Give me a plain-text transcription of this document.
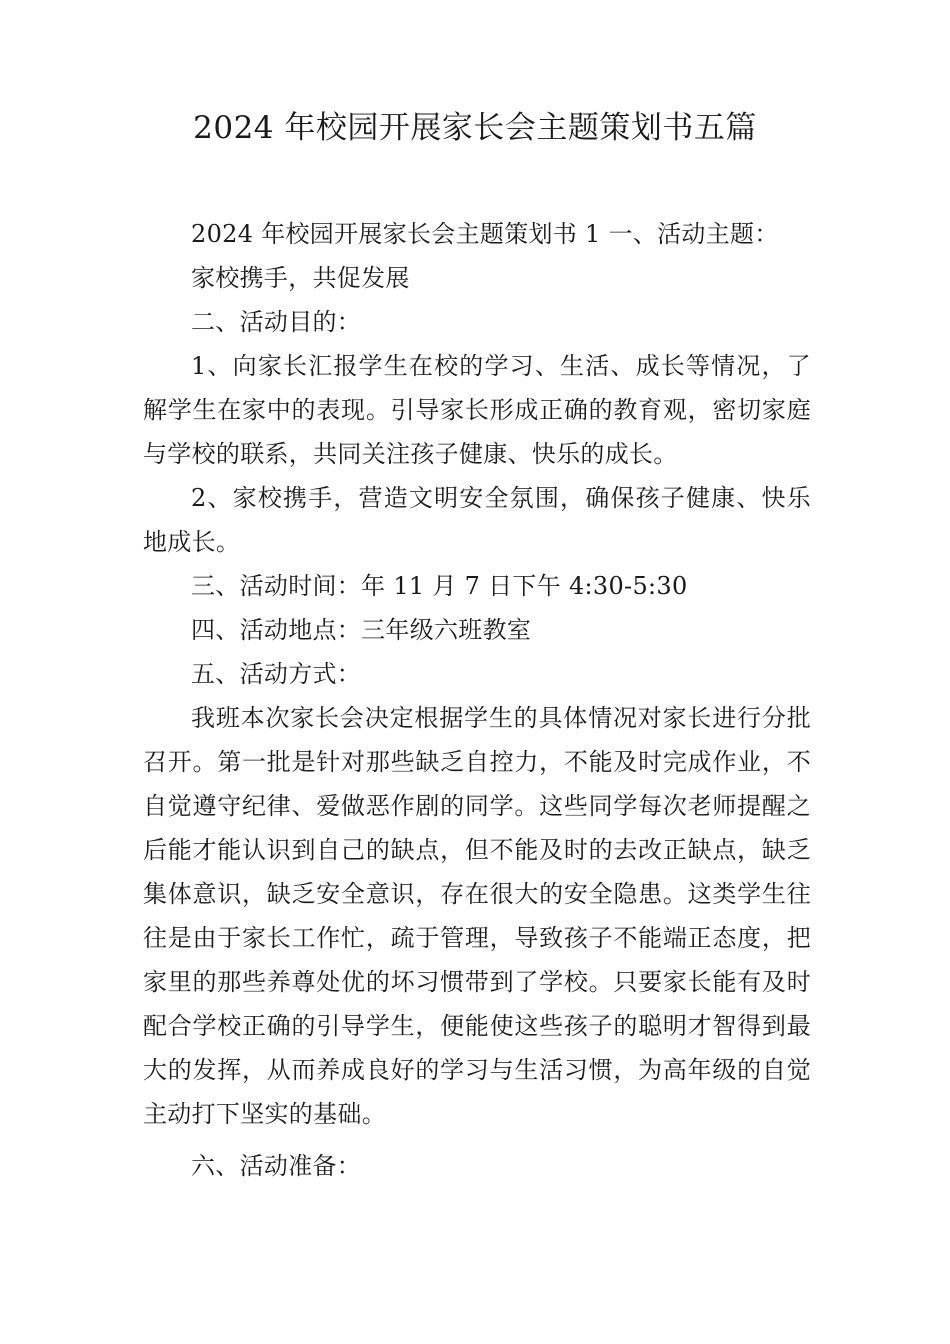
2024 年校园开展家长会主题策划书五篇

2024 年校园开展家长会主题策划书 1 一、活动主题：

家校携手，共促发展

二、活动目的：

1、向家长汇报学生在校的学习、生活、成长等情况，了解学生在家中的表现。引导家长形成正确的教育观，密切家庭与学校的联系，共同关注孩子健康、快乐的成长。

2、家校携手，营造文明安全氛围，确保孩子健康、快乐地成长。

三、活动时间：年 11 月 7 日下午 4:30-5:30

四、活动地点：三年级六班教室

五、活动方式：

我班本次家长会决定根据学生的具体情况对家长进行分批召开。第一批是针对那些缺乏自控力，不能及时完成作业，不自觉遵守纪律、爱做恶作剧的同学。这些同学每次老师提醒之后能才能认识到自己的缺点，但不能及时的去改正缺点，缺乏集体意识，缺乏安全意识，存在很大的安全隐患。这类学生往往是由于家长工作忙，疏于管理，导致孩子不能端正态度，把家里的那些养尊处优的坏习惯带到了学校。只要家长能有及时配合学校正确的引导学生，便能使这些孩子的聪明才智得到最大的发挥，从而养成良好的学习与生活习惯，为高年级的自觉主动打下坚实的基础。

六、活动准备：
